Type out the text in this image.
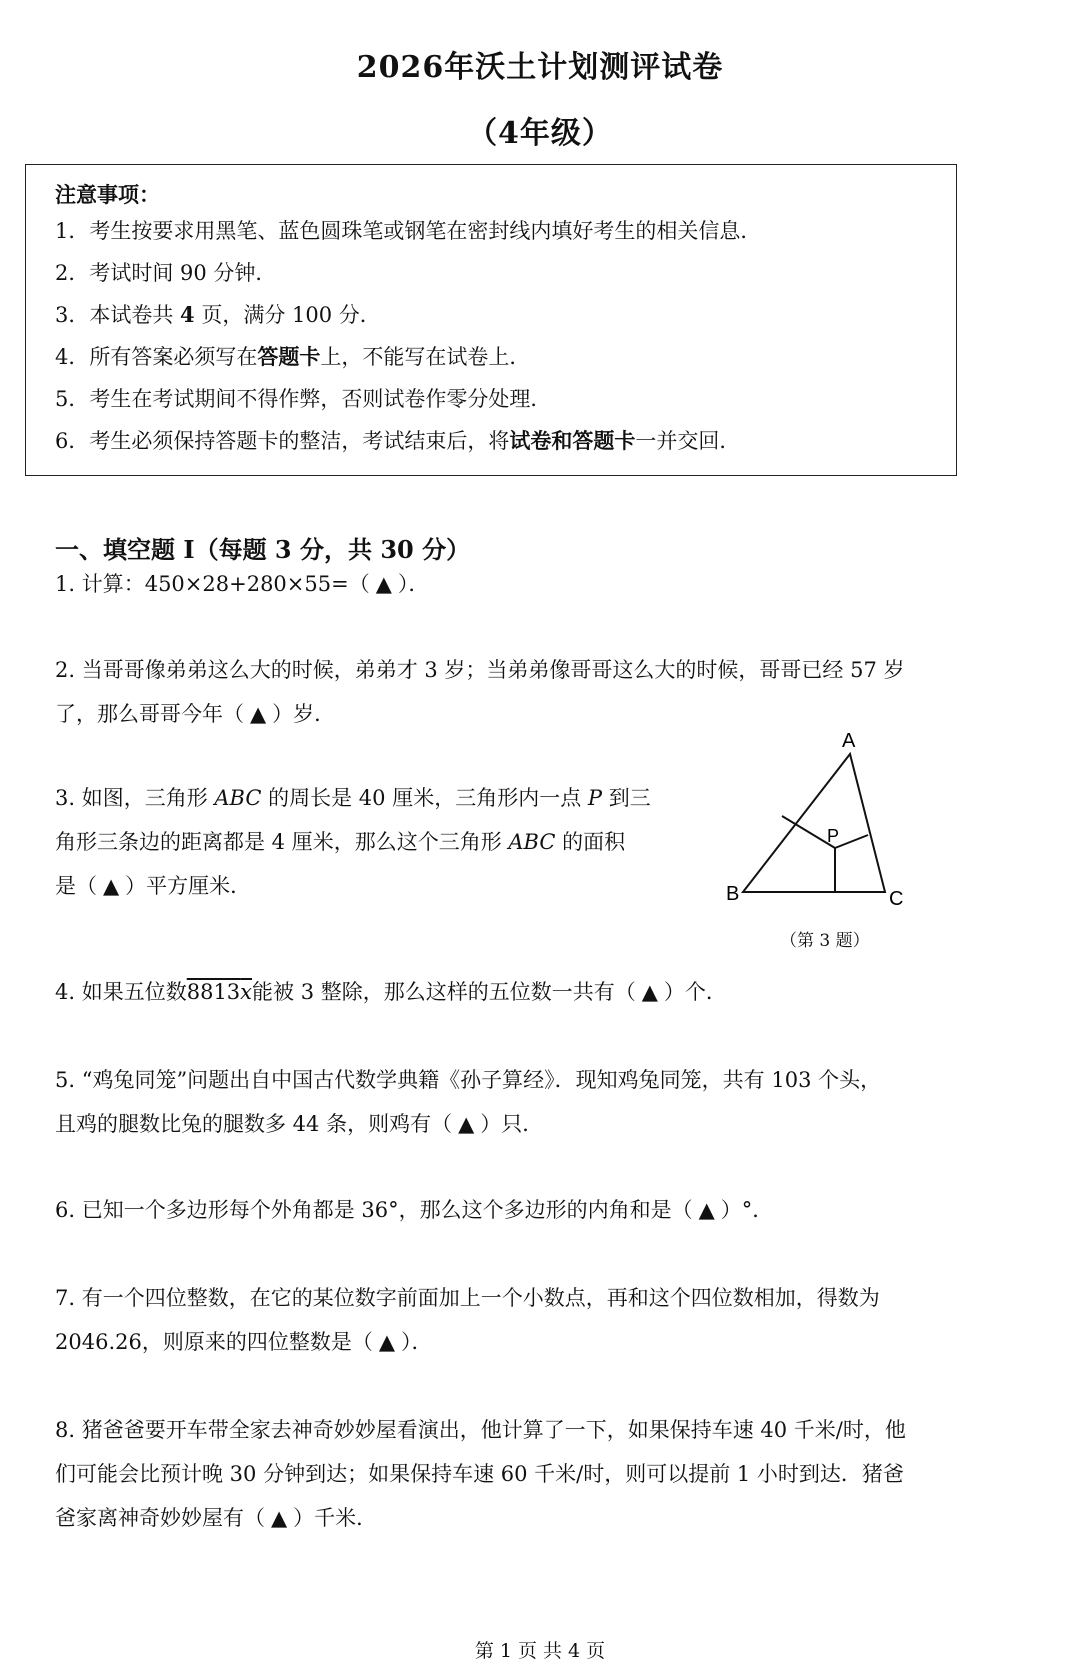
2026年沃土计划测评试卷
（4年级）
注意事项：
1．考生按要求用黑笔、蓝色圆珠笔或钢笔在密封线内填好考生的相关信息．
2．考试时间 90 分钟．
3．本试卷共 4 页，满分 100 分．
4．所有答案必须写在答题卡上，不能写在试卷上．
5．考生在考试期间不得作弊，否则试卷作零分处理．
6．考生必须保持答题卡的整洁，考试结束后，将试卷和答题卡一并交回．
一、填空题 I（每题 3 分，共 30 分）
1. 计算：450×28+280×55=（ ▲ ）．
2. 当哥哥像弟弟这么大的时候，弟弟才 3 岁；当弟弟像哥哥这么大的时候，哥哥已经 57 岁
了，那么哥哥今年（ ▲ ）岁．
3. 如图，三角形 ABC 的周长是 40 厘米，三角形内一点 P 到三
角形三条边的距离都是 4 厘米，那么这个三角形 ABC 的面积
是（ ▲ ）平方厘米．
A
B	C
P
（第 3 题）
4. 如果五位数8813x能被 3 整除，那么这样的五位数一共有（ ▲ ）个．
5. “鸡兔同笼”问题出自中国古代数学典籍《孙子算经》．现知鸡兔同笼，共有 103 个头，
且鸡的腿数比兔的腿数多 44 条，则鸡有（ ▲ ）只．
6. 已知一个多边形每个外角都是 36°，那么这个多边形的内角和是（ ▲ ）°．
7. 有一个四位整数，在它的某位数字前面加上一个小数点，再和这个四位数相加，得数为
2046.26，则原来的四位整数是（ ▲ ）．
8. 猪爸爸要开车带全家去神奇妙妙屋看演出，他计算了一下，如果保持车速 40 千米/时，他
们可能会比预计晚 30 分钟到达；如果保持车速 60 千米/时，则可以提前 1 小时到达．猪爸
爸家离神奇妙妙屋有（ ▲ ）千米．
第 1 页 共 4 页
